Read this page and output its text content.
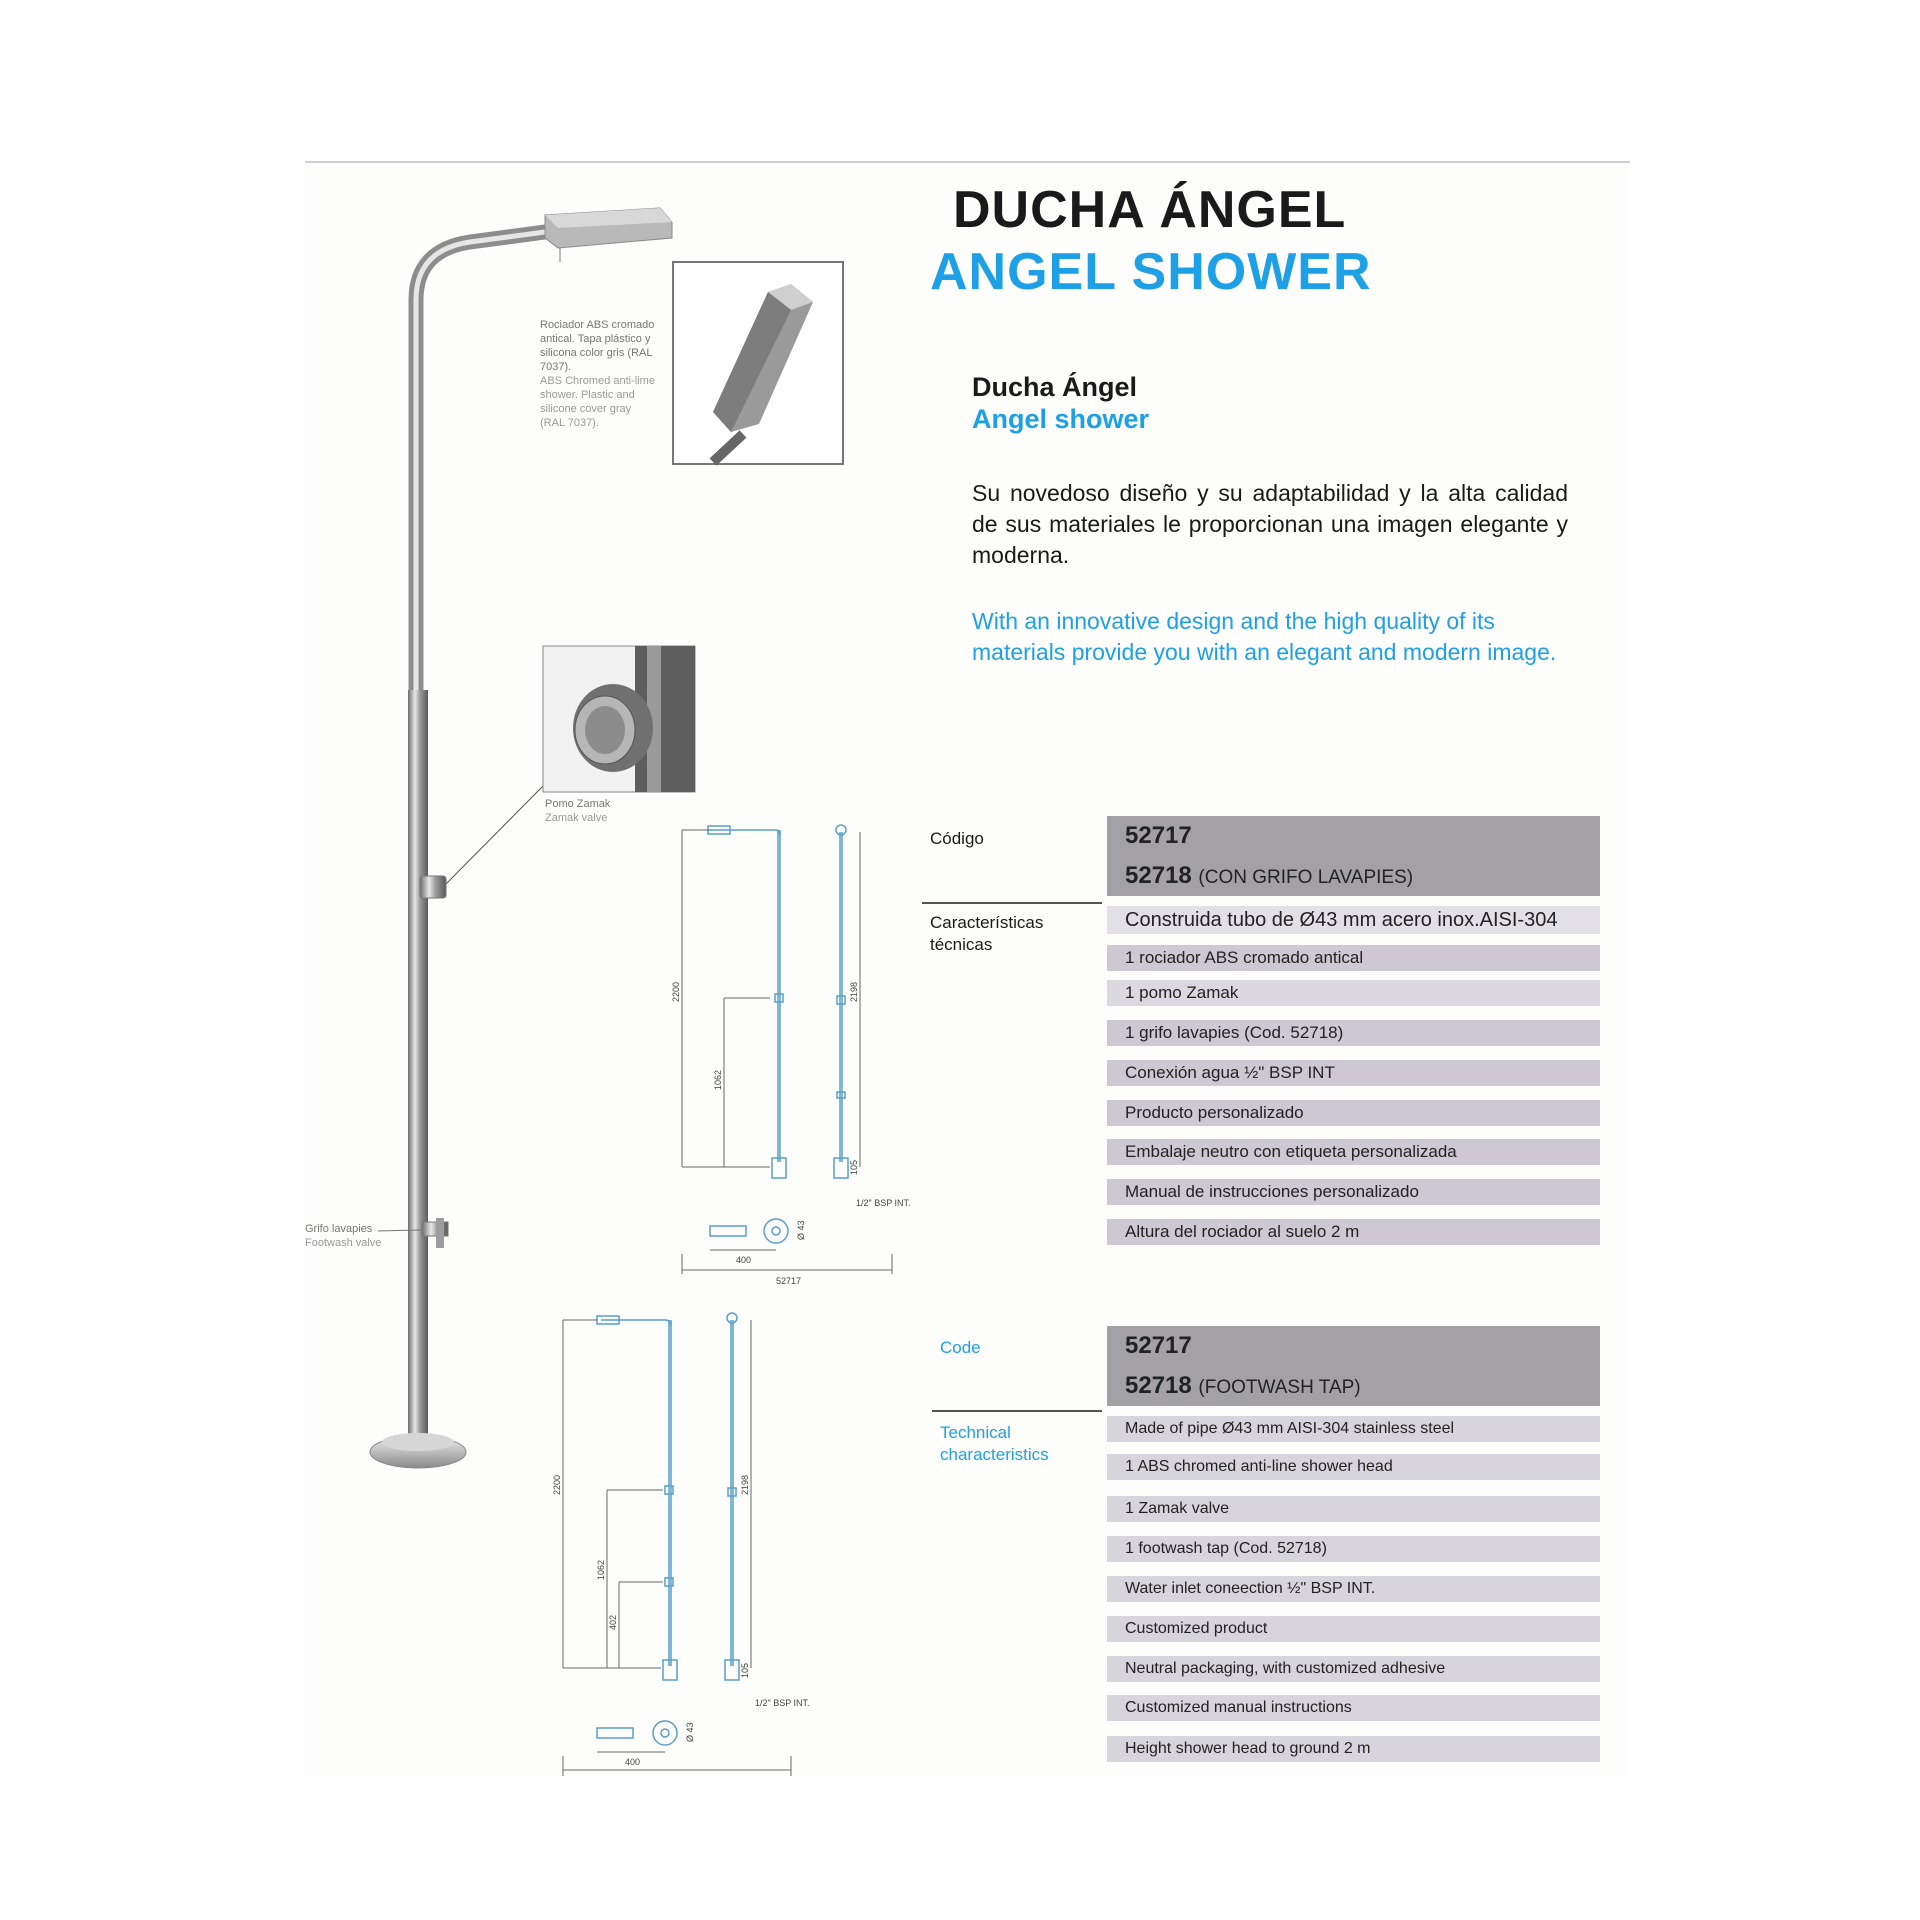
DUCHA ÁNGEL
ANGEL SHOWER
Rociador ABS cromado antical. Tapa plástico y silicona color gris (RAL 7037).
ABS Chromed anti-lime shower. Plastic and silicone cover gray (RAL 7037).
Pomo Zamak
Zamak valve
Grifo lavapies
Footwash valve
Ducha Ángel
Angel shower
Su novedoso diseño y su adaptabilidad y la alta calidad de sus materiales le proporcionan una imagen elegante y moderna.
With an innovative design and the high quality of its materials provide you with an elegant and modern image.
2200
1062
2198
105
1/2" BSP INT.
Ø 43
400
52717
2200
1062
402
2198
105
1/2" BSP INT.
Ø 43
400
Código
Características técnicas
52717
52718 (CON GRIFO LAVAPIES)
Construida tubo de Ø43 mm acero inox.AISI-304
1 rociador ABS cromado antical
1 pomo Zamak
1 grifo lavapies (Cod. 52718)
Conexión agua ½" BSP INT
Producto personalizado
Embalaje neutro con etiqueta personalizada
Manual de instrucciones personalizado
Altura del rociador al suelo 2 m
Code
Technical characteristics
52717
52718 (FOOTWASH TAP)
Made of pipe Ø43 mm AISI-304 stainless steel
1 ABS chromed anti-line shower head
1 Zamak valve
1 footwash tap (Cod. 52718)
Water inlet coneection ½" BSP INT.
Customized product
Neutral packaging, with customized adhesive
Customized manual instructions
Height shower head to ground 2 m
